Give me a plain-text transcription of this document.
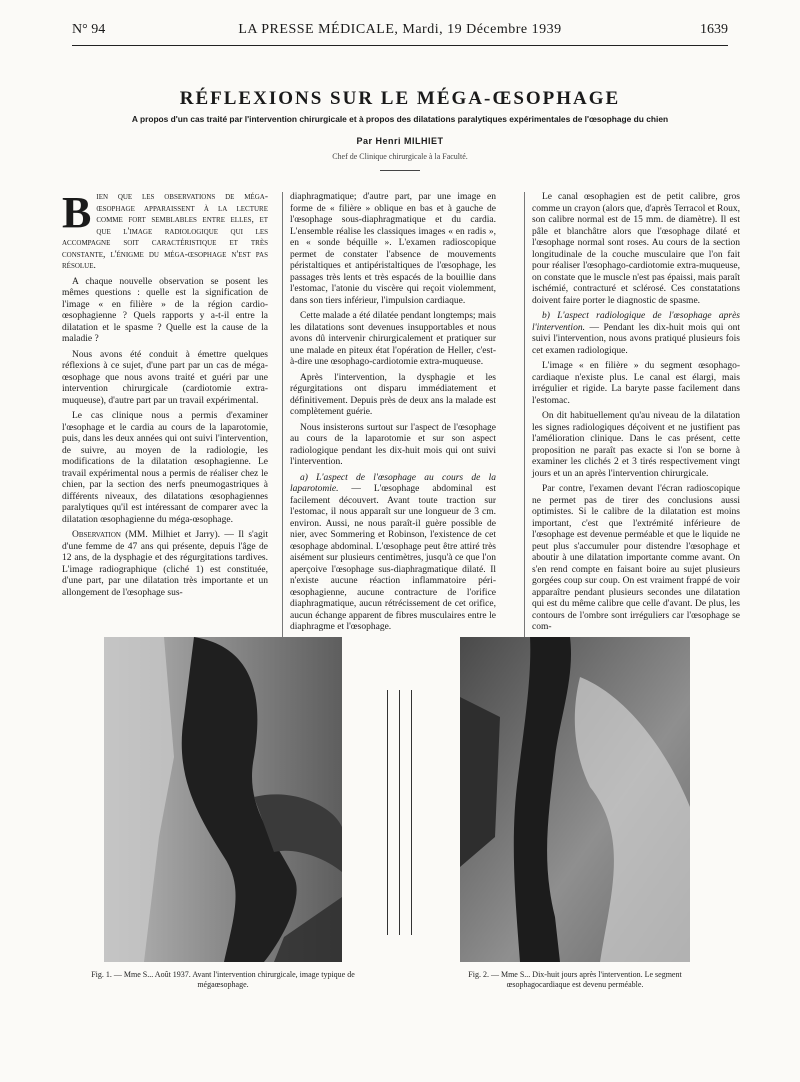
N° 94	LA PRESSE MÉDICALE, Mardi, 19 Décembre 1939	1639
RÉFLEXIONS SUR LE MÉGA-ŒSOPHAGE
A propos d'un cas traité par l'intervention chirurgicale et à propos des dilatations paralytiques expérimentales de l'œsophage du chien
Par Henri MILHIET
Chef de Clinique chirurgicale à la Faculté.

Bien que les observations de méga-œsophage apparaissent à la lecture comme fort semblables entre elles, et que l'image radiologique qui les accompagne soit caractéristique et très constante, l'énigme du méga-œsophage n'est pas résolue.

A chaque nouvelle observation se posent les mêmes questions : quelle est la signification de l'image « en filière » de la région cardio-œsophagienne ? Quels rapports y a-t-il entre la dilatation et le spasme ? Quelle est la cause de la maladie ?

Nous avons été conduit à émettre quelques réflexions à ce sujet, d'une part par un cas de méga-œsophage que nous avons traité et guéri par une intervention chirurgicale (cardiotomie extra-muqueuse), d'autre part par un travail expérimental.

Le cas clinique nous a permis d'examiner l'œsophage et le cardia au cours de la laparotomie, puis, dans les deux années qui ont suivi l'intervention, de suivre, au moyen de la radiologie, les modifications de la dilatation œsophagienne. Le travail expérimental nous a permis de réaliser chez le chien, par la section des nerfs pneumogastriques à différents niveaux, des dilatations œsophagiennes paralytiques qu'il est intéressant de comparer avec la dilatation œsophagienne du méga-œsophage.

Observation (MM. Milhiet et Jarry). — Il s'agit d'une femme de 47 ans qui présente, depuis l'âge de 12 ans, de la dysphagie et des régurgitations tardives. L'image radiographique (cliché 1) est constituée, d'une part, par une dilatation très importante et un allongement de l'œsophage sus-

diaphragmatique; d'autre part, par une image en forme de « filière » oblique en bas et à gauche de l'œsophage sous-diaphragmatique et du cardia. L'ensemble réalise les classiques images « en radis », en « sonde béquille ». L'examen radioscopique permet de constater l'absence de mouvements péristaltiques et antipéristaltiques de l'œsophage, les passages très lents et très espacés de la bouillie dans l'estomac, l'atonie du viscère qui reçoit violemment, dans son tiers inférieur, l'impulsion cardiaque.

Cette malade a été dilatée pendant longtemps; mais les dilatations sont devenues insupportables et nous avons dû intervenir chirurgicalement et pratiquer sur une malade en piteux état l'opération de Heller, c'est-à-dire une œsophago-cardiotomie extra-muqueuse.

Après l'intervention, la dysphagie et les régurgitations ont disparu immédiatement et définitivement. Depuis près de deux ans la malade est complètement guérie.

Nous insisterons surtout sur l'aspect de l'œsophage au cours de la laparotomie et sur son aspect radiologique pendant les dix-huit mois qui ont suivi l'intervention.

a) L'aspect de l'œsophage au cours de la laparotomie. — L'œsophage abdominal est facilement découvert. Avant toute traction sur l'estomac, il nous apparaît sur une longueur de 3 cm. environ. Aussi, ne nous paraît-il guère possible de nier, avec Sommering et Robinson, l'existence de cet œsophage abdominal. L'œsophage peut être attiré très aisément sur plusieurs centimètres, jusqu'à ce que l'on aperçoive l'œsophage sus-diaphragmatique dilaté. Il n'existe aucune réaction inflammatoire péri-œsophagienne, aucune contracture de l'orifice diaphragmatique, aucun rétrécissement de cet orifice, aucun échange apparent de fibres musculaires entre le diaphragme et l'œsophage.

Le canal œsophagien est de petit calibre, gros comme un crayon (alors que, d'après Terracol et Roux, son calibre normal est de 15 mm. de diamètre). Il est pâle et blanchâtre alors que l'œsophage dilaté et l'œsophage normal sont roses. Au cours de la section longitudinale de la couche musculaire que l'on fait pour réaliser l'œsophago-cardiotomie extra-muqueuse, on constate que le muscle n'est pas épaissi, mais paraît ischémié, contracturé et sclérosé. Ces constatations doivent faire porter le diagnostic de spasme.

b) L'aspect radiologique de l'œsophage après l'intervention. — Pendant les dix-huit mois qui ont suivi l'intervention, nous avons pratiqué plusieurs fois cet examen radiologique.

L'image « en filière » du segment œsophago-cardiaque n'existe plus. Le canal est élargi, mais irrégulier et rigide. La baryte passe facilement dans l'estomac.

On dit habituellement qu'au niveau de la dilatation les signes radiologiques déçoivent et ne justifient pas l'amélioration clinique. Dans le cas présent, cette proposition ne paraît pas exacte si l'on se borne à examiner les clichés 2 et 3 tirés respectivement vingt jours et un an après l'intervention chirurgicale.

Par contre, l'examen devant l'écran radioscopique ne permet pas de tirer des conclusions aussi optimistes. Si le calibre de la dilatation est moins important, c'est que l'extrémité inférieure de l'œsophage est devenue perméable et que le liquide ne peut plus s'accumuler pour distendre l'œsophage et aboutir à une dilatation importante comme avant. On s'en rend compte en faisant boire au sujet plusieurs gorgées coup sur coup. On est vraiment frappé de voir apparaître pendant plusieurs secondes une dilatation qui est du même calibre que celle d'avant. De plus, les contours de l'ombre sont irréguliers car l'œsophage se com-

Fig. 1. — Mme S... Août 1937. Avant l'intervention chirurgicale, image typique de mégaœsophage.
Fig. 2. — Mme S... Dix-huit jours après l'intervention. Le segment œsophagocardiaque est devenu perméable.
